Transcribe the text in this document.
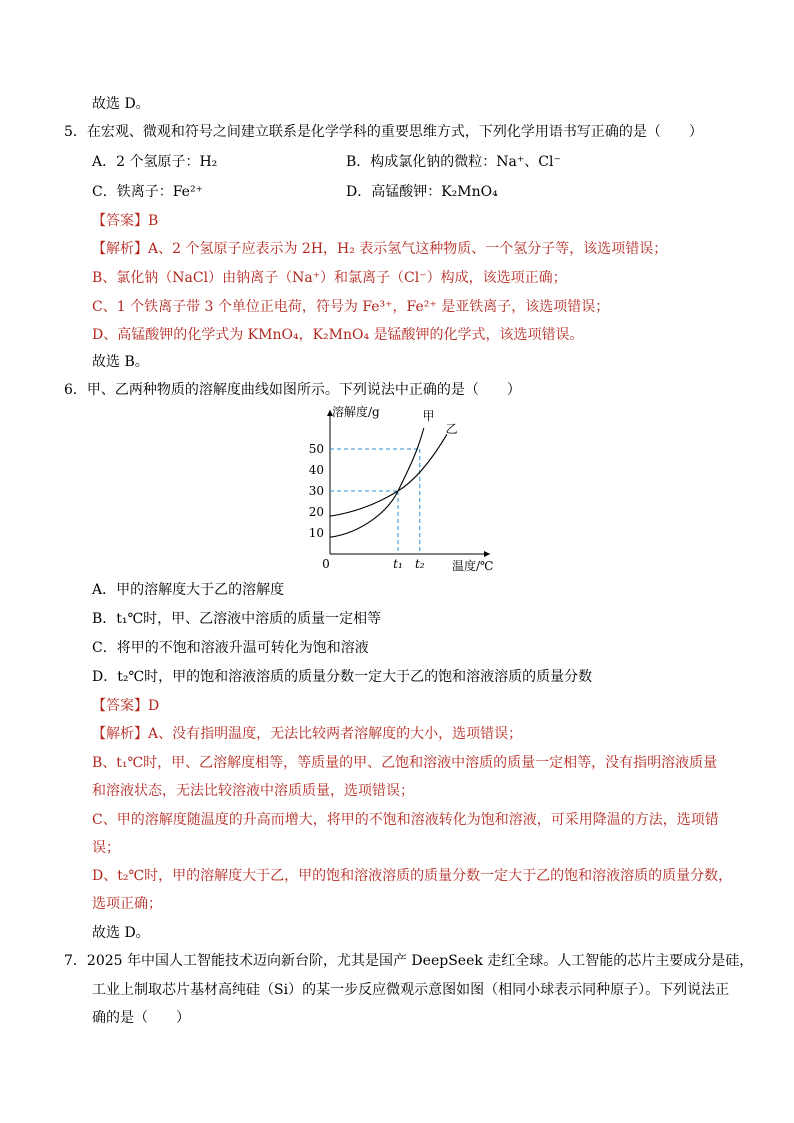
故选 D。
5．在宏观、微观和符号之间建立联系是化学学科的重要思维方式，下列化学用语书写正确的是（　　）
A．2 个氢原子：H₂	B．构成氯化钠的微粒：Na⁺、Cl⁻
C．铁离子：Fe²⁺	D．高锰酸钾：K₂MnO₄
【答案】B
【解析】A、2 个氢原子应表示为 2H，H₂ 表示氢气这种物质、一个氢分子等，该选项错误；
B、氯化钠（NaCl）由钠离子（Na⁺）和氯离子（Cl⁻）构成，该选项正确；
C、1 个铁离子带 3 个单位正电荷，符号为 Fe³⁺，Fe²⁺ 是亚铁离子，该选项错误；
D、高锰酸钾的化学式为 KMnO₄，K₂MnO₄ 是锰酸钾的化学式，该选项错误。
故选 B。
6．甲、乙两种物质的溶解度曲线如图所示。下列说法中正确的是（　　）
10
20
30
40
50
0
溶解度/g
温度/℃
t₁ t₂
甲
乙
A．甲的溶解度大于乙的溶解度
B．t₁℃时，甲、乙溶液中溶质的质量一定相等
C．将甲的不饱和溶液升温可转化为饱和溶液
D．t₂℃时，甲的饱和溶液溶质的质量分数一定大于乙的饱和溶液溶质的质量分数
【答案】D
【解析】A、没有指明温度，无法比较两者溶解度的大小，选项错误；
B、t₁℃时，甲、乙溶解度相等，等质量的甲、乙饱和溶液中溶质的质量一定相等，没有指明溶液质量
和溶液状态，无法比较溶液中溶质质量，选项错误；
C、甲的溶解度随温度的升高而增大，将甲的不饱和溶液转化为饱和溶液，可采用降温的方法，选项错
误；
D、t₂℃时，甲的溶解度大于乙，甲的饱和溶液溶质的质量分数一定大于乙的饱和溶液溶质的质量分数，
选项正确；
故选 D。
7．2025 年中国人工智能技术迈向新台阶，尤其是国产 DeepSeek 走红全球。人工智能的芯片主要成分是硅，
工业上制取芯片基材高纯硅（Si）的某一步反应微观示意图如图（相同小球表示同种原子）。下列说法正
确的是（　　）
